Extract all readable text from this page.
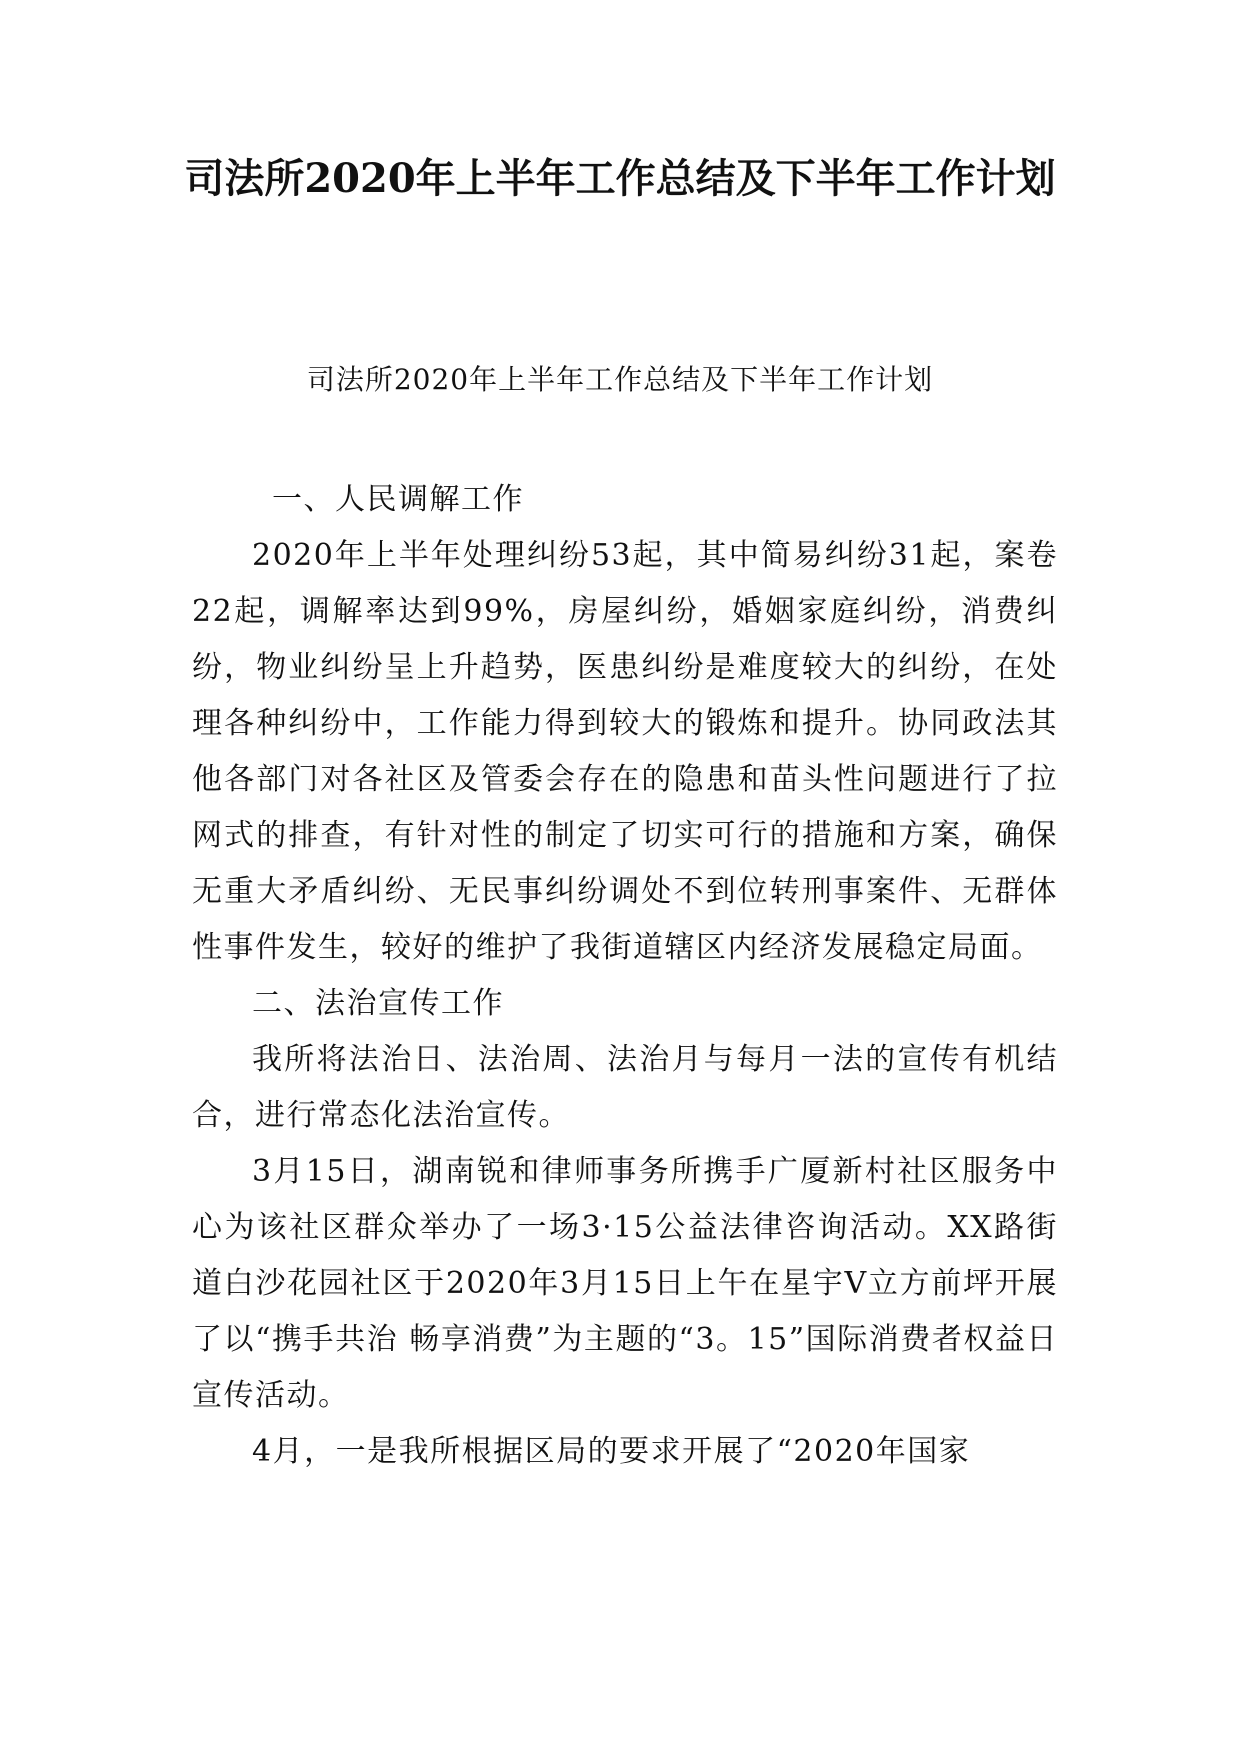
司法所2020年上半年工作总结及下半年工作计划
司法所2020年上半年工作总结及下半年工作计划

一、人民调解工作

2020年上半年处理纠纷53起，其中简易纠纷31起，案卷22起，调解率达到99%，房屋纠纷，婚姻家庭纠纷，消费纠纷，物业纠纷呈上升趋势，医患纠纷是难度较大的纠纷，在处理各种纠纷中，工作能力得到较大的锻炼和提升。协同政法其他各部门对各社区及管委会存在的隐患和苗头性问题进行了拉网式的排查，有针对性的制定了切实可行的措施和方案，确保无重大矛盾纠纷、无民事纠纷调处不到位转刑事案件、无群体性事件发生，较好的维护了我街道辖区内经济发展稳定局面。

二、法治宣传工作

我所将法治日、法治周、法治月与每月一法的宣传有机结合，进行常态化法治宣传。

3月15日，湖南锐和律师事务所携手广厦新村社区服务中心为该社区群众举办了一场3·15公益法律咨询活动。XX路街道白沙花园社区于2020年3月15日上午在星宇V立方前坪开展了以“携手共治 畅享消费”为主题的“3。15”国际消费者权益日宣传活动。

4月，一是我所根据区局的要求开展了“2020年国家
